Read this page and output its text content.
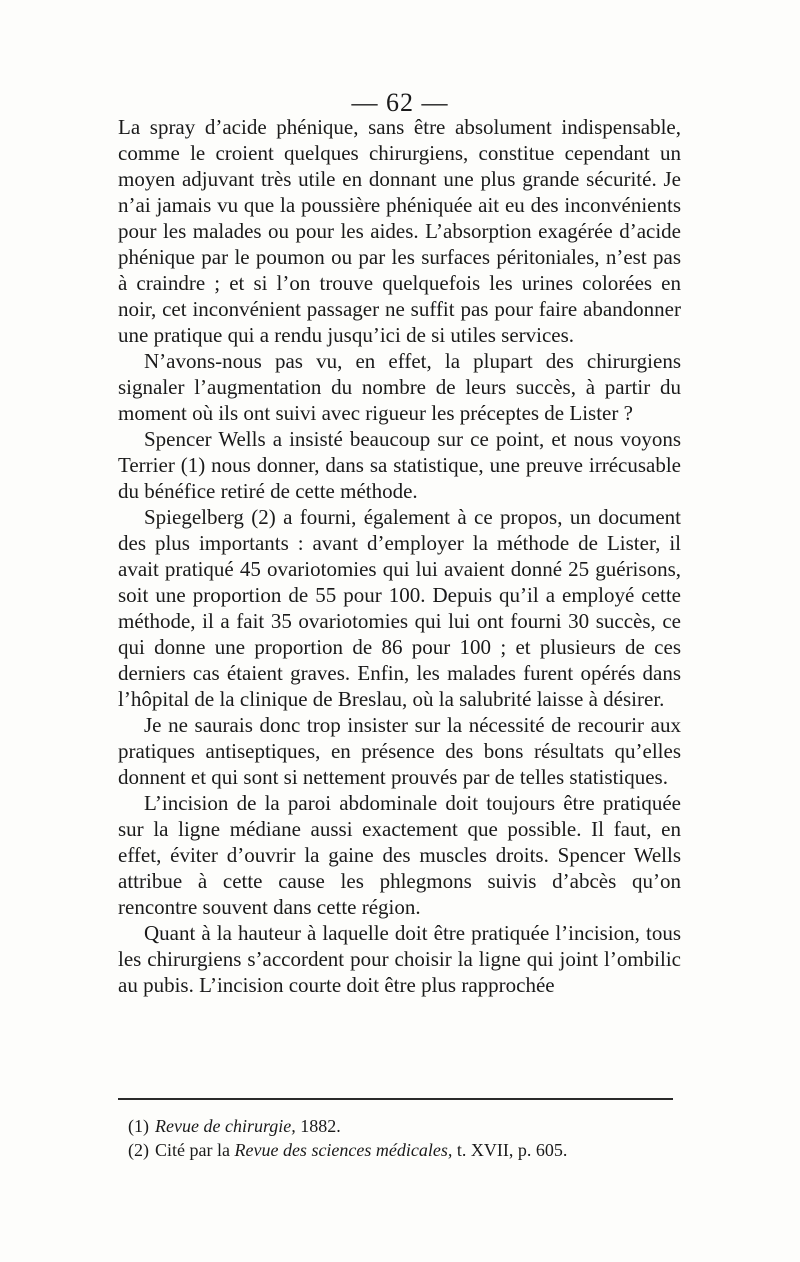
— 62 —

La spray d’acide phénique, sans être absolument indispensable, comme le croient quelques chirurgiens, constitue cependant un moyen adjuvant très utile en donnant une plus grande sécurité. Je n’ai jamais vu que la poussière phéniquée ait eu des inconvénients pour les malades ou pour les aides. L’absorption exagérée d’acide phénique par le poumon ou par les surfaces péritoniales, n’est pas à craindre ; et si l’on trouve quelquefois les urines colorées en noir, cet inconvénient passager ne suffit pas pour faire abandonner une pratique qui a rendu jusqu’ici de si utiles services.

N’avons-nous pas vu, en effet, la plupart des chirurgiens signaler l’augmentation du nombre de leurs succès, à partir du moment où ils ont suivi avec rigueur les préceptes de Lister ?

Spencer Wells a insisté beaucoup sur ce point, et nous voyons Terrier (1) nous donner, dans sa statistique, une preuve irrécusable du bénéfice retiré de cette méthode.

Spiegelberg (2) a fourni, également à ce propos, un document des plus importants : avant d’employer la méthode de Lister, il avait pratiqué 45 ovariotomies qui lui avaient donné 25 guérisons, soit une proportion de 55 pour 100. Depuis qu’il a employé cette méthode, il a fait 35 ovariotomies qui lui ont fourni 30 succès, ce qui donne une proportion de 86 pour 100 ; et plusieurs de ces derniers cas étaient graves. Enfin, les malades furent opérés dans l’hôpital de la clinique de Breslau, où la salubrité laisse à désirer.

Je ne saurais donc trop insister sur la nécessité de recourir aux pratiques antiseptiques, en présence des bons résultats qu’elles donnent et qui sont si nettement prouvés par de telles statistiques.

L’incision de la paroi abdominale doit toujours être pratiquée sur la ligne médiane aussi exactement que possible. Il faut, en effet, éviter d’ouvrir la gaine des muscles droits. Spencer Wells attribue à cette cause les phlegmons suivis d’abcès qu’on rencontre souvent dans cette région.

Quant à la hauteur à laquelle doit être pratiquée l’incision, tous les chirurgiens s’accordent pour choisir la ligne qui joint l’ombilic au pubis. L’incision courte doit être plus rapprochée

(1) Revue de chirurgie, 1882.

(2) Cité par la Revue des sciences médicales, t. XVII, p. 605.
